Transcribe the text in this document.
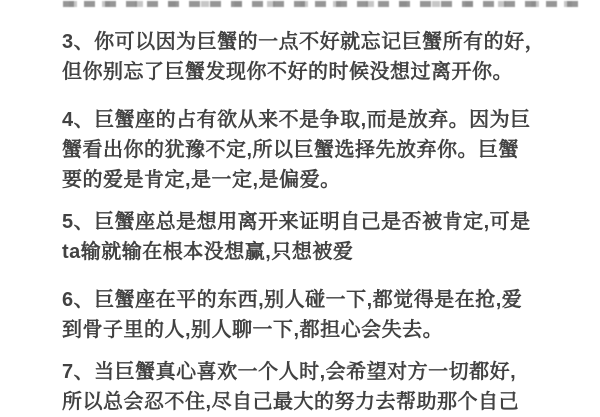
3、你可以因为巨蟹的一点不好就忘记巨蟹所有的好，
但你别忘了巨蟹发现你不好的时候没想过离开你。
4、巨蟹座的占有欲从来不是争取,而是放弃。因为巨
蟹看出你的犹豫不定,所以巨蟹选择先放弃你。巨蟹
要的爱是肯定,是一定,是偏爱。
5、巨蟹座总是想用离开来证明自己是否被肯定,可是
ta输就输在根本没想赢,只想被爱
6、巨蟹座在平的东西,别人碰一下,都觉得是在抢,爱
到骨子里的人,别人聊一下,都担心会失去。
7、当巨蟹真心喜欢一个人时,会希望对方一切都好,
所以总会忍不住,尽自己最大的努力去帮助那个自己
